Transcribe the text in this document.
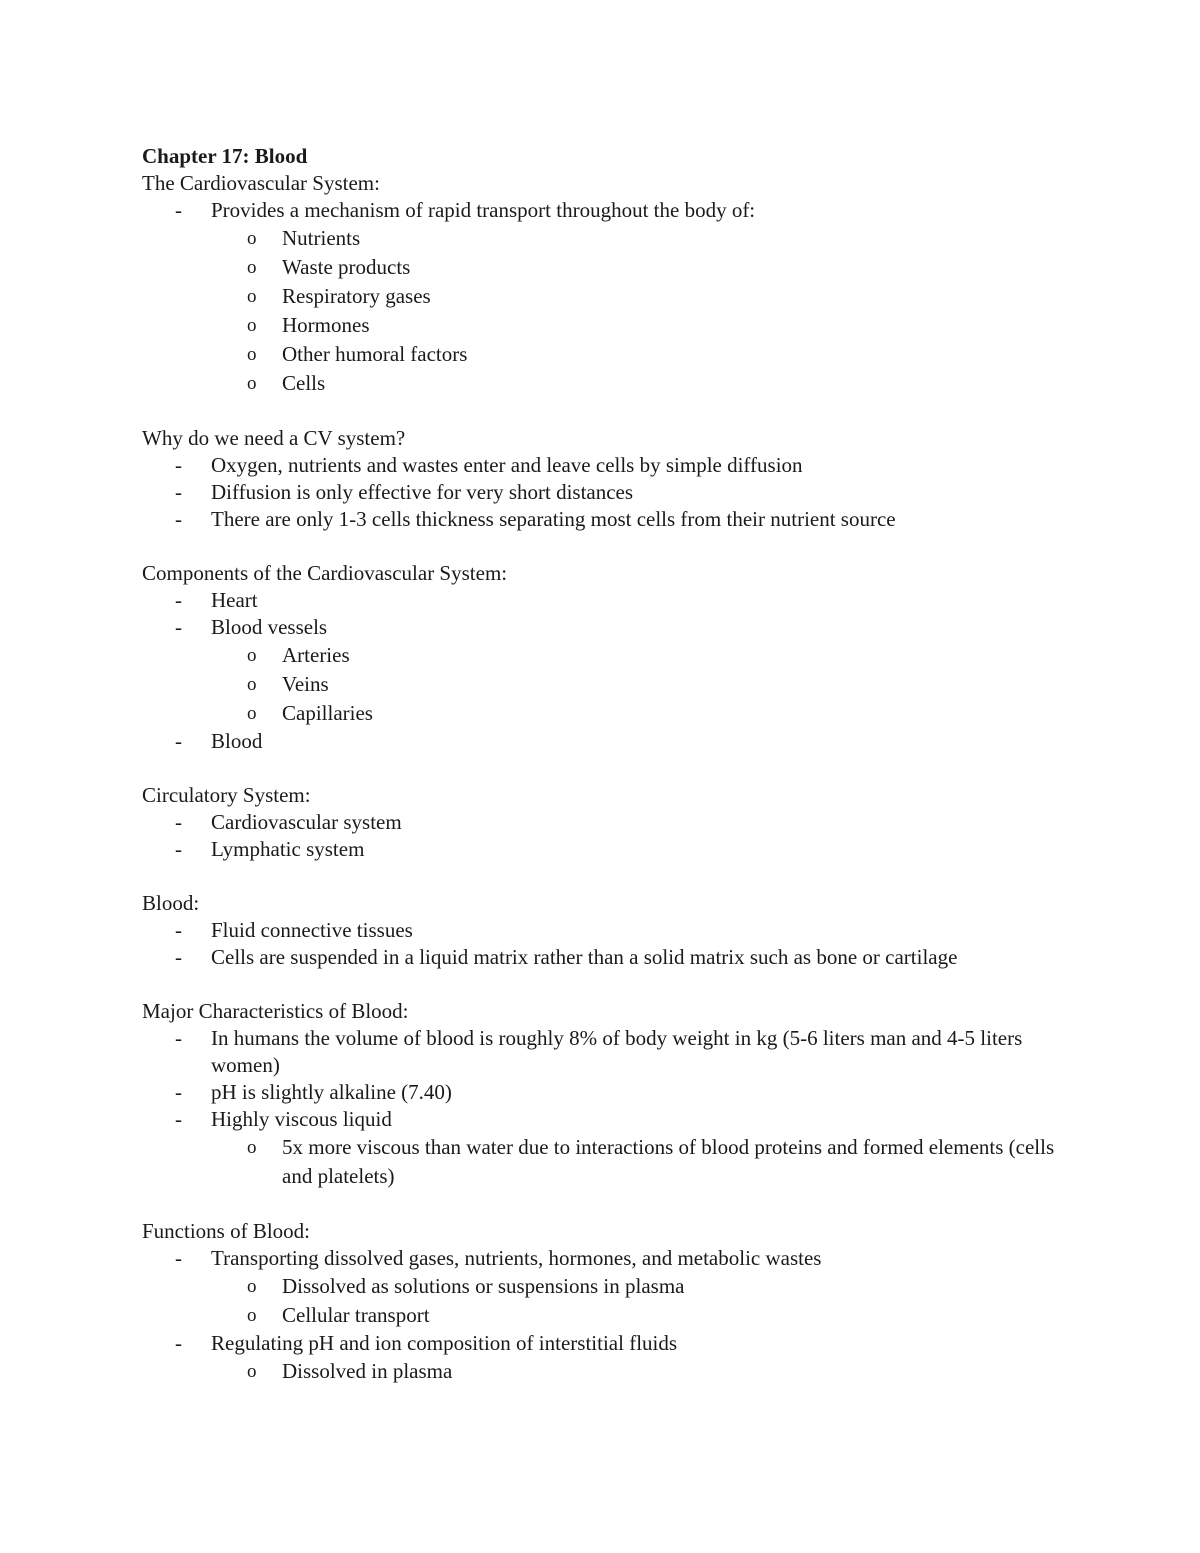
Chapter 17: Blood
The Cardiovascular System:
- Provides a mechanism of rapid transport throughout the body of:
o Nutrients
o Waste products
o Respiratory gases
o Hormones
o Other humoral factors
o Cells
Why do we need a CV system?
- Oxygen, nutrients and wastes enter and leave cells by simple diffusion
- Diffusion is only effective for very short distances
- There are only 1-3 cells thickness separating most cells from their nutrient source
Components of the Cardiovascular System:
- Heart
- Blood vessels
o Arteries
o Veins
o Capillaries
- Blood
Circulatory System:
- Cardiovascular system
- Lymphatic system
Blood:
- Fluid connective tissues
- Cells are suspended in a liquid matrix rather than a solid matrix such as bone or cartilage
Major Characteristics of Blood:
- In humans the volume of blood is roughly 8% of body weight in kg (5-6 liters man and 4-5 liters women)
- pH is slightly alkaline (7.40)
- Highly viscous liquid
o 5x more viscous than water due to interactions of blood proteins and formed elements (cells and platelets)
Functions of Blood:
- Transporting dissolved gases, nutrients, hormones, and metabolic wastes
o Dissolved as solutions or suspensions in plasma
o Cellular transport
- Regulating pH and ion composition of interstitial fluids
o Dissolved in plasma
